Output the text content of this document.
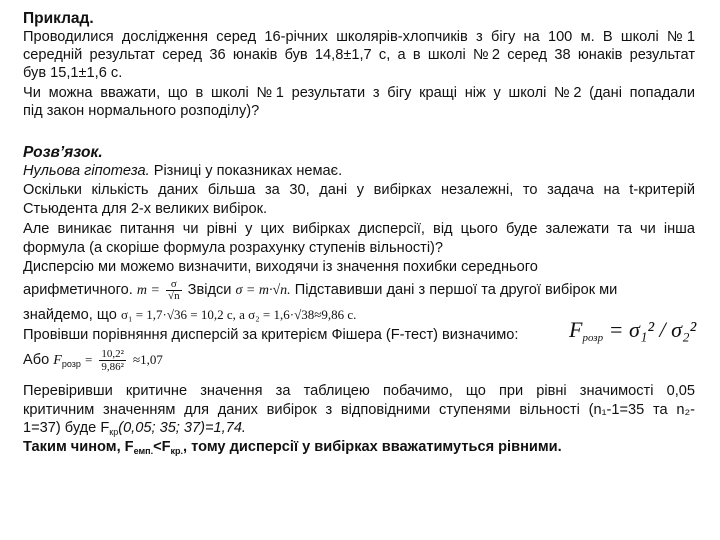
Приклад.
Проводилися дослідження серед 16-річних школярів-хлопчиків з бігу на 100 м. В школі №1
середній результат серед 36 юнаків був 14,8±1,7 с, а в школі №2 серед 38 юнаків результат
був 15,1±1,6 с.
Чи можна вважати, що в школі №1 результати з бігу кращі ніж у школі №2 (дані попадали
під закон нормального розподілу)?
Розв’язок.
Нульова гіпотеза. Різниці у показниках немає.
Оскільки кількість даних більша за 30, дані у вибірках незалежні, то задача на t-критерій
Стьюдента для 2-х великих вибірок.
Але виникає питання чи рівні у цих вибірках дисперсії, від цього буде залежати та чи інша
формула (а скоріше формула розрахунку ступенів вільності)?
Дисперсію ми можемо визначити, виходячи із значення похибки середнього
арифметичного. $m = \frac{\sigma}{√n}$ Звідси σ = m·√n. Підставивши дані з першої та другої вибірок ми
знайдемо, що σ₁ = 1,7·√36 = 10,2 с, а σ₂ = 1,6·√38≈9,86 с.
Провівши порівняння дисперсій за критерієм Фішера (F-тест) визначимо: $F_{розр} = \sigma_1^2 / \sigma_2^2$
Або $F_{розр} = \frac{\text{10,2²}}{\text{9,86²}} \approx 1,07$
Перевіривши критичне значення за таблицею побачимо, що при рівні значимості 0,05
критичним значенням для даних вибірок з відповідними ступенями вільності (n₁-1=35 та n₂-
1=37) буде $F_{кр}(0,05$; 35; 37)=1,74.
Таким чином, $F_{емп.}<F_{кр.}$, тому дисперсії у вибірках вважатимуться рівними.
